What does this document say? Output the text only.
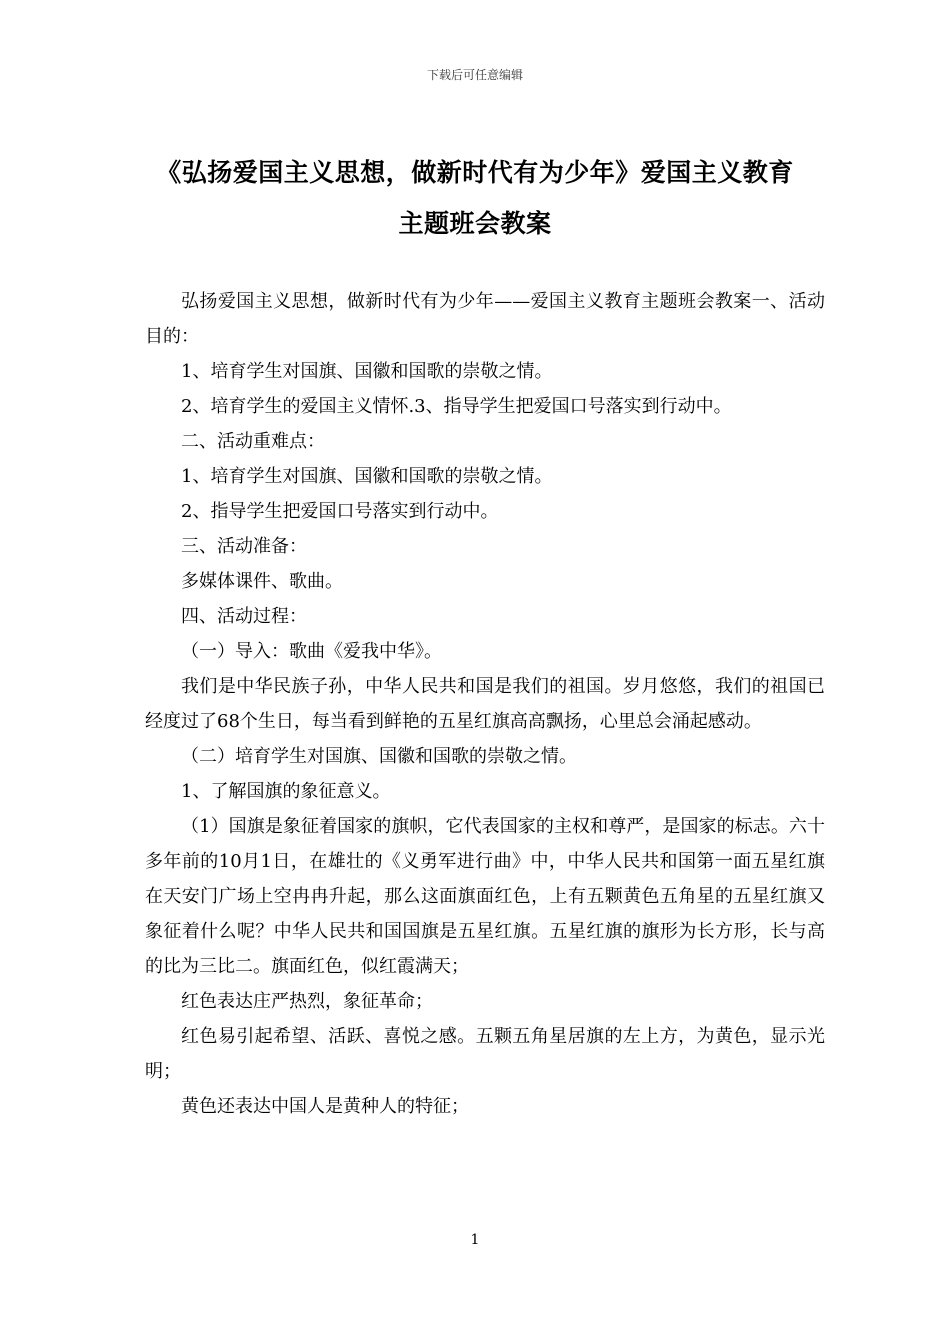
下载后可任意编辑
《弘扬爱国主义思想，做新时代有为少年》爱国主义教育
主题班会教案

弘扬爱国主义思想，做新时代有为少年——爱国主义教育主题班会教案一、活动目的：

1、培育学生对国旗、国徽和国歌的崇敬之情。

2、培育学生的爱国主义情怀.3、指导学生把爱国口号落实到行动中。

二、活动重难点：

1、培育学生对国旗、国徽和国歌的崇敬之情。

2、指导学生把爱国口号落实到行动中。

三、活动准备：

多媒体课件、歌曲。

四、活动过程：

（一）导入：歌曲《爱我中华》。

我们是中华民族子孙，中华人民共和国是我们的祖国。岁月悠悠，我们的祖国已经度过了68个生日，每当看到鲜艳的五星红旗高高飘扬，心里总会涌起感动。

（二）培育学生对国旗、国徽和国歌的崇敬之情。

1、了解国旗的象征意义。

（1）国旗是象征着国家的旗帜，它代表国家的主权和尊严，是国家的标志。六十多年前的10月1日，在雄壮的《义勇军进行曲》中，中华人民共和国第一面五星红旗在天安门广场上空冉冉升起，那么这面旗面红色，上有五颗黄色五角星的五星红旗又象征着什么呢？中华人民共和国国旗是五星红旗。五星红旗的旗形为长方形，长与高的比为三比二。旗面红色，似红霞满天；

红色表达庄严热烈，象征革命；

红色易引起希望、活跃、喜悦之感。五颗五角星居旗的左上方，为黄色，显示光明；

黄色还表达中国人是黄种人的特征；

1
